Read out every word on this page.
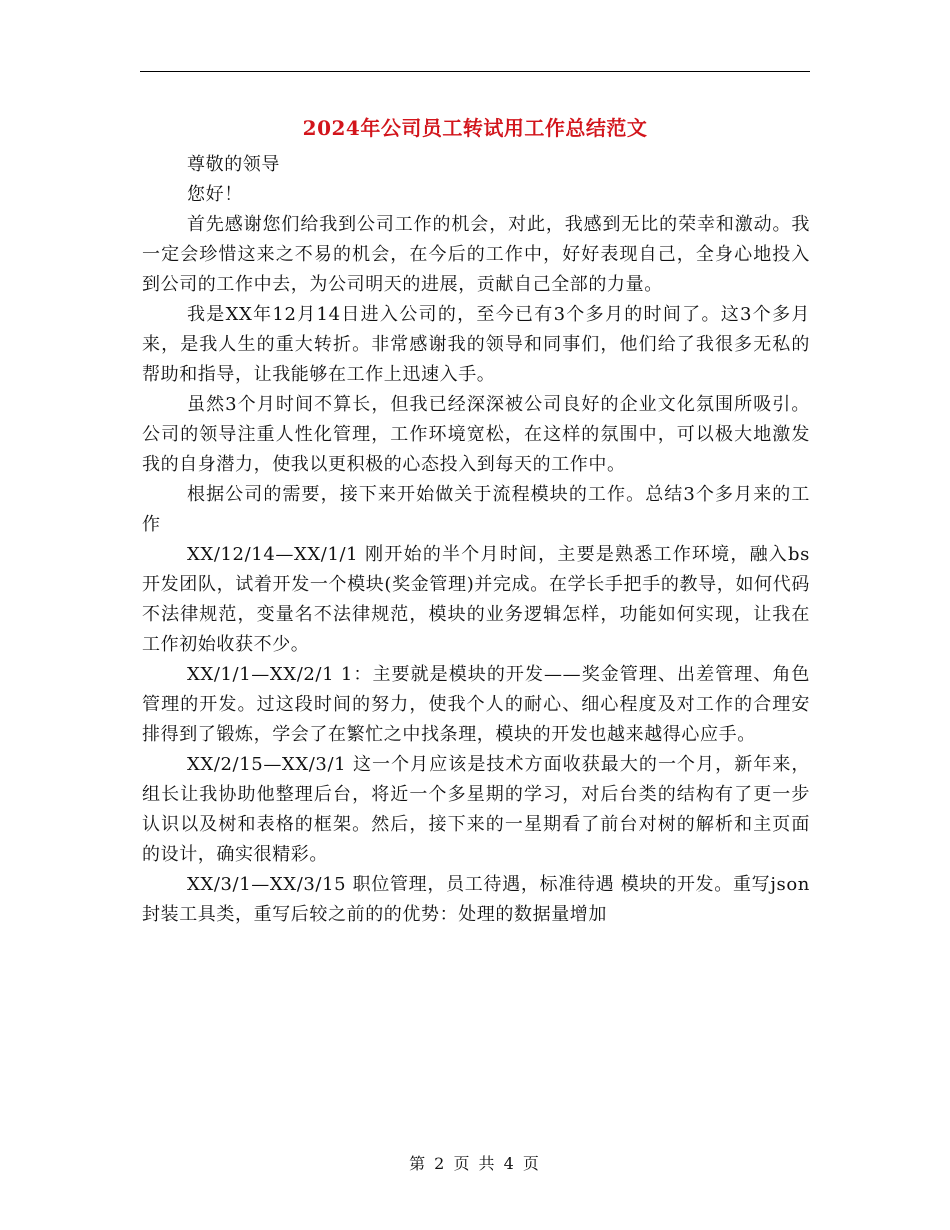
2024年公司员工转试用工作总结范文

尊敬的领导

您好！

首先感谢您们给我到公司工作的机会，对此，我感到无比的荣幸和激动。我一定会珍惜这来之不易的机会，在今后的工作中，好好表现自己，全身心地投入到公司的工作中去，为公司明天的进展，贡献自己全部的力量。

我是XX年12月14日进入公司的，至今已有3个多月的时间了。这3个多月来，是我人生的重大转折。非常感谢我的领导和同事们，他们给了我很多无私的帮助和指导，让我能够在工作上迅速入手。

虽然3个月时间不算长，但我已经深深被公司良好的企业文化氛围所吸引。公司的领导注重人性化管理，工作环境宽松，在这样的氛围中，可以极大地激发我的自身潜力，使我以更积极的心态投入到每天的工作中。

根据公司的需要，接下来开始做关于流程模块的工作。总结3个多月来的工作

XX/12/14—XX/1/1 刚开始的半个月时间，主要是熟悉工作环境，融入bs开发团队，试着开发一个模块(奖金管理)并完成。在学长手把手的教导，如何代码不法律规范，变量名不法律规范，模块的业务逻辑怎样，功能如何实现，让我在工作初始收获不少。

XX/1/1—XX/2/1 1：主要就是模块的开发——奖金管理、出差管理、角色管理的开发。过这段时间的努力，使我个人的耐心、细心程度及对工作的合理安排得到了锻炼，学会了在繁忙之中找条理，模块的开发也越来越得心应手。

XX/2/15—XX/3/1 这一个月应该是技术方面收获最大的一个月，新年来，组长让我协助他整理后台，将近一个多星期的学习，对后台类的结构有了更一步认识以及树和表格的框架。然后，接下来的一星期看了前台对树的解析和主页面的设计，确实很精彩。

XX/3/1—XX/3/15 职位管理，员工待遇，标准待遇 模块的开发。重写json封装工具类，重写后较之前的的优势：处理的数据量增加

第 2 页 共 4 页
